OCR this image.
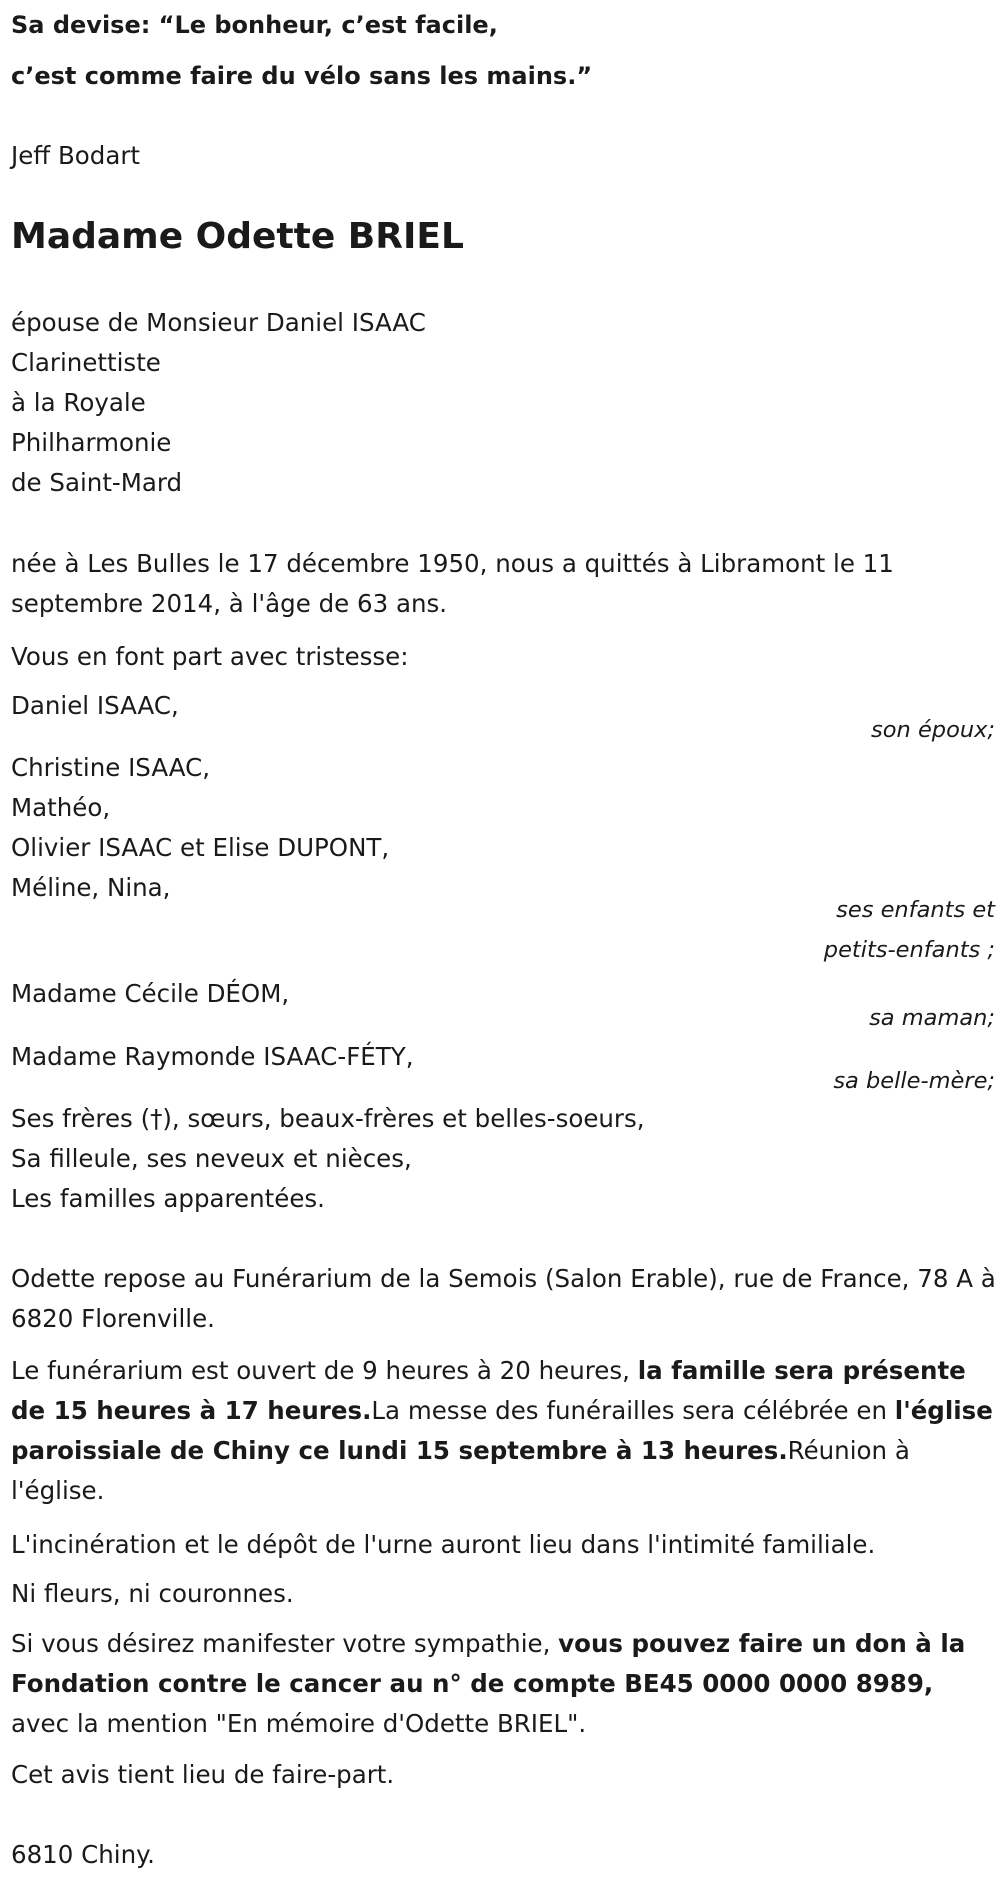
Sa devise: “Le bonheur, c’est facile,
c’est comme faire du vélo sans les mains.”

Jeff Bodart

Madame Odette BRIEL

épouse de Monsieur Daniel ISAAC
Clarinettiste
à la Royale
Philharmonie
de Saint-Mard

née à Les Bulles le 17 décembre 1950, nous a quittés à Libramont le 11 septembre 2014, à l'âge de 63 ans.

Vous en font part avec tristesse:

Daniel ISAAC,

son époux;

Christine ISAAC,
Mathéo,
Olivier ISAAC et Elise DUPONT,
Méline, Nina,

ses enfants et
petits-enfants ;

Madame Cécile DÉOM,

sa maman;

Madame Raymonde ISAAC-FÉTY,

sa belle-mère;

Ses frères (†), sœurs, beaux-frères et belles-soeurs,
Sa filleule, ses neveux et nièces,
Les familles apparentées.

Odette repose au Funérarium de la Semois (Salon Erable), rue de France, 78 A à 6820 Florenville.

Le funérarium est ouvert de 9 heures à 20 heures, la famille sera présente de 15 heures à 17 heures.La messe des funérailles sera célébrée en l'église paroissiale de Chiny ce lundi 15 septembre à 13 heures.Réunion à l'église.

L'incinération et le dépôt de l'urne auront lieu dans l'intimité familiale.

Ni fleurs, ni couronnes.

Si vous désirez manifester votre sympathie, vous pouvez faire un don à la Fondation contre le cancer au n° de compte BE45 0000 0000 8989, avec la mention "En mémoire d'Odette BRIEL".

Cet avis tient lieu de faire-part.

6810 Chiny.
